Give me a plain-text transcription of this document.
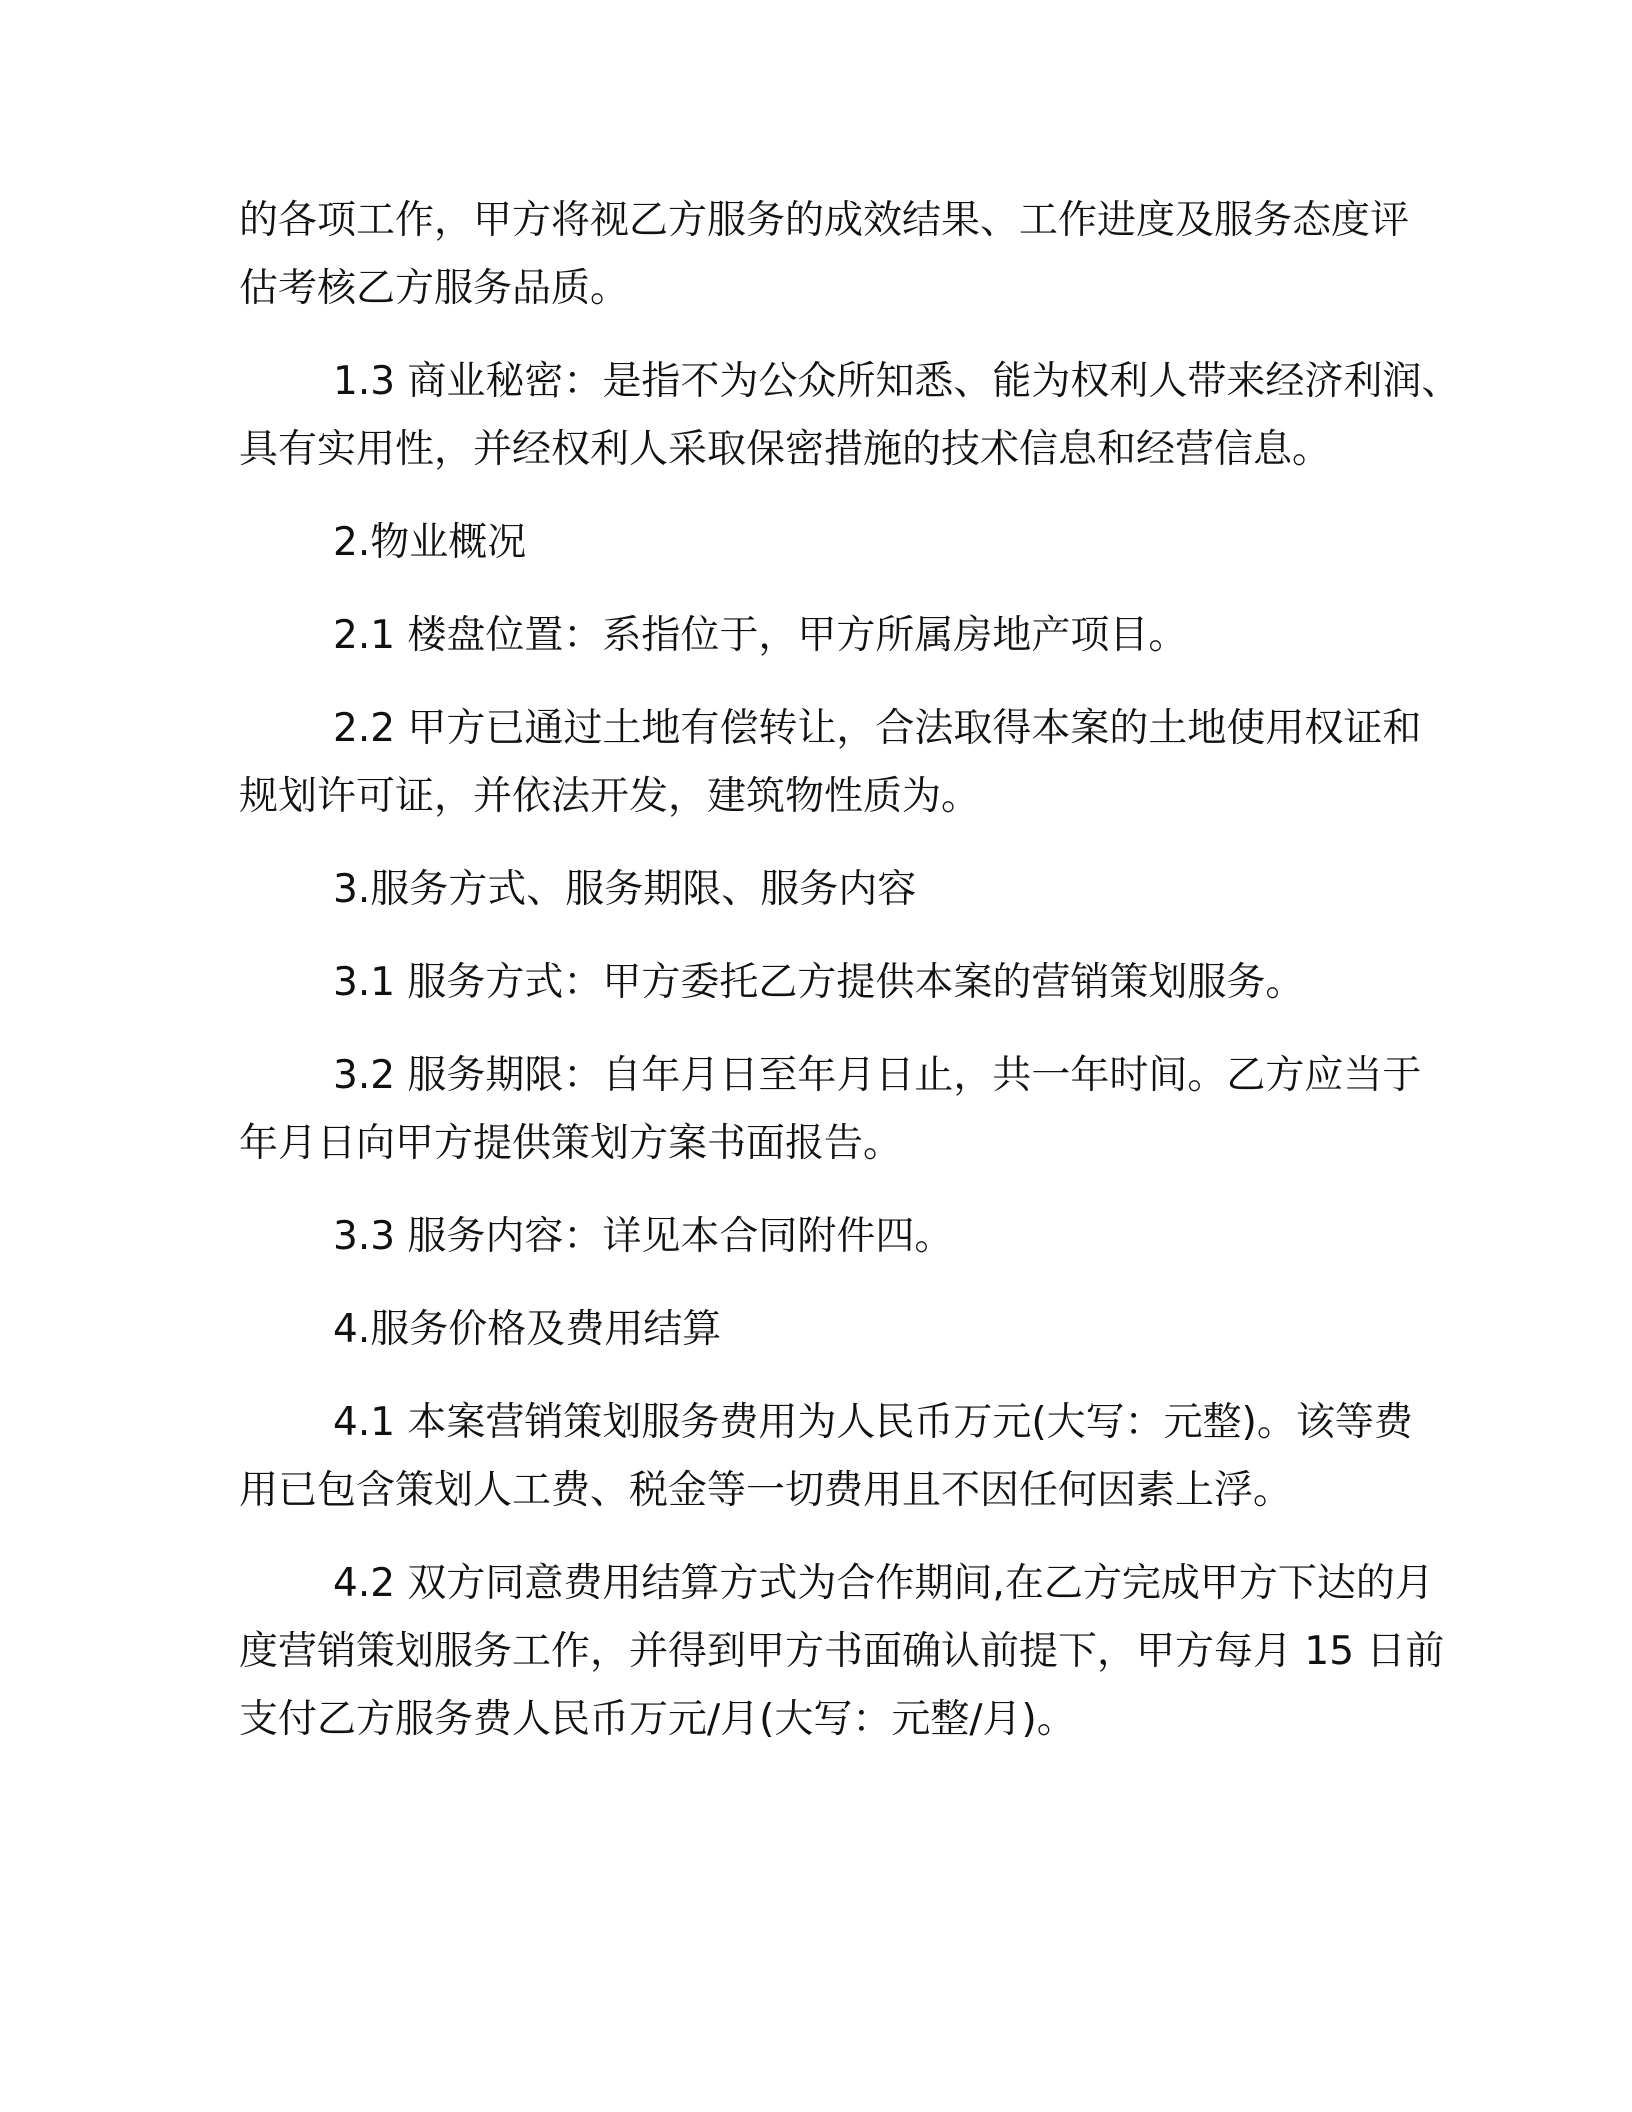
的各项工作，甲方将视乙方服务的成效结果、工作进度及服务态度评
估考核乙方服务品质。
1.3 商业秘密：是指不为公众所知悉、能为权利人带来经济利润、
具有实用性，并经权利人采取保密措施的技术信息和经营信息。
2.物业概况
2.1 楼盘位置：系指位于，甲方所属房地产项目。
2.2 甲方已通过土地有偿转让，合法取得本案的土地使用权证和
规划许可证，并依法开发，建筑物性质为。
3.服务方式、服务期限、服务内容
3.1 服务方式：甲方委托乙方提供本案的营销策划服务。
3.2 服务期限：自年月日至年月日止，共一年时间。乙方应当于
年月日向甲方提供策划方案书面报告。
3.3 服务内容：详见本合同附件四。
4.服务价格及费用结算
4.1 本案营销策划服务费用为人民币万元(大写：元整)。该等费
用已包含策划人工费、税金等一切费用且不因任何因素上浮。
4.2 双方同意费用结算方式为合作期间,在乙方完成甲方下达的月
度营销策划服务工作，并得到甲方书面确认前提下，甲方每月 15 日前
支付乙方服务费人民币万元/月(大写：元整/月)。
